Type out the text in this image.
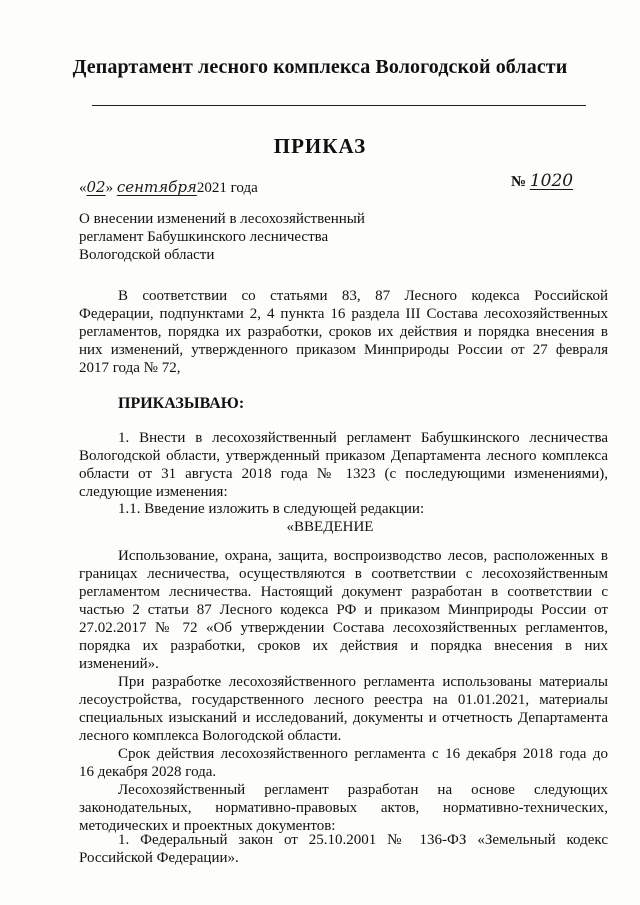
Департамент лесного комплекса Вологодской области
ПРИКАЗ
«02» сентября2021 года	№ 1020
О внесении изменений в лесохозяйственный
регламент Бабушкинского лесничества
Вологодской области
В соответствии со статьями 83, 87 Лесного кодекса Российской
Федерации, подпунктами 2, 4 пункта 16 раздела III Состава лесохозяйственных
регламентов, порядка их разработки, сроков их действия и порядка внесения в
них изменений, утвержденного приказом Минприроды России от 27 февраля
2017 года № 72,
ПРИКАЗЫВАЮ:
1. Внести в лесохозяйственный регламент Бабушкинского лесничества
Вологодской области, утвержденный приказом Департамента лесного комплекса
области от 31 августа 2018 года № 1323 (с последующими изменениями),
следующие изменения:
1.1. Введение изложить в следующей редакции:
«ВВЕДЕНИЕ
Использование, охрана, защита, воспроизводство лесов, расположенных в
границах лесничества, осуществляются в соответствии с лесохозяйственным
регламентом лесничества. Настоящий документ разработан в соответствии с
частью 2 статьи 87 Лесного кодекса РФ и приказом Минприроды России от
27.02.2017 № 72 «Об утверждении Состава лесохозяйственных регламентов,
порядка их разработки, сроков их действия и порядка внесения в них
изменений».
При разработке лесохозяйственного регламента использованы материалы
лесоустройства, государственного лесного реестра на 01.01.2021, материалы
специальных изысканий и исследований, документы и отчетность Департамента
лесного комплекса Вологодской области.
Срок действия лесохозяйственного регламента с 16 декабря 2018 года до
16 декабря 2028 года.
Лесохозяйственный регламент разработан на основе следующих
законодательных, нормативно-правовых актов, нормативно-технических,
методических и проектных документов:
1. Федеральный закон от 25.10.2001 № 136-ФЗ «Земельный кодекс
Российской Федерации».
